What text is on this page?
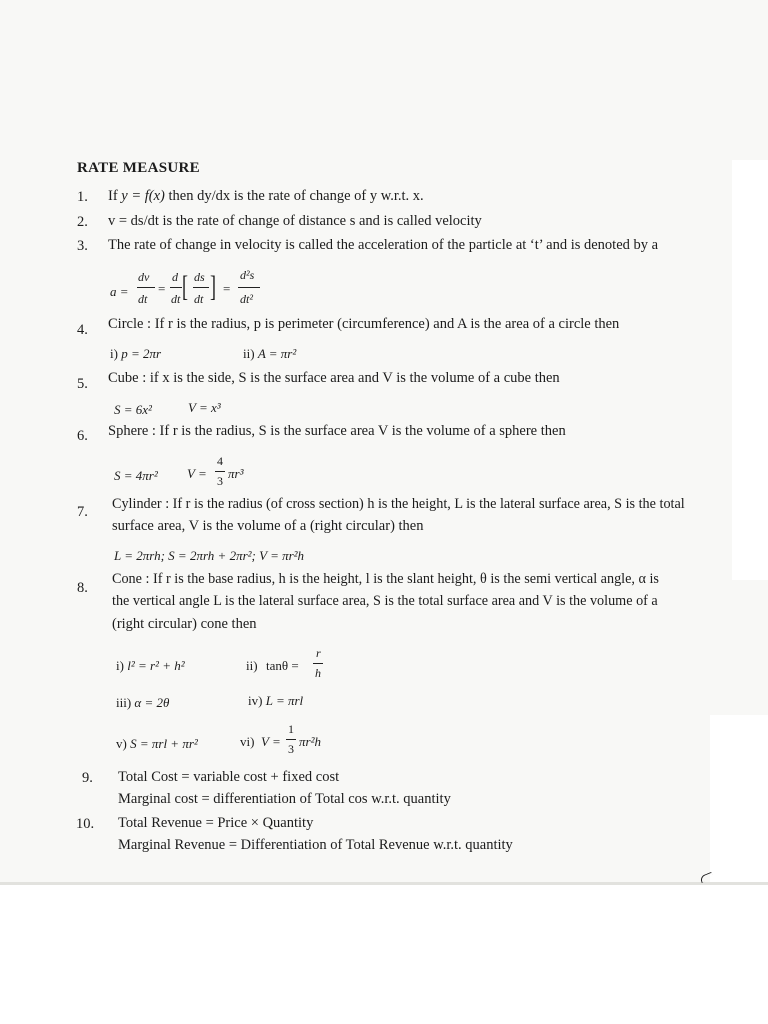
RATE MEASURE
1.	If y = f(x) then dy/dx is the rate of change of y w.r.t. x.
2.	v = ds/dt is the rate of change of distance s and is called velocity
3.	The rate of change in velocity is called the acceleration of the particle at ‘t’ and is denoted by a
a =
dv
dt
=
d
dt [ ds
dt ] =
d²s
dt²
4.	Circle : If r is the radius, p is perimeter (circumference) and A is the area of a circle then
i) p = 2πr	ii) A = πr²
5.	Cube : if x is the side, S is the surface area and V is the volume of a cube then
S = 6x²	V = x³
6.	Sphere : If r is the radius, S is the surface area V is the volume of a sphere then
S = 4πr² V =
4
3 πr³
7.	Cylinder : If r is the radius (of cross section) h is the height, L is the lateral surface area, S is the total
surface area, V is the volume of a (right circular) then
L = 2πrh; S = 2πrh + 2πr²; V = πr²h
8.
Cone : If r is the base radius, h is the height, l is the slant height, θ is the semi vertical angle, α is
the vertical angle L is the lateral surface area, S is the total surface area and V is the volume of a
(right circular) cone then
i) l² = r² + h²	ii) tanθ =
r
h
iii) α = 2θ	iv) L = πrl
v) S = πrl + πr²	vi) V =
1
3 πr²h
9.	Total Cost = variable cost + fixed cost
Marginal cost = differentiation of Total cos w.r.t. quantity
10.	Total Revenue = Price × Quantity
Marginal Revenue = Differentiation of Total Revenue w.r.t. quantity
